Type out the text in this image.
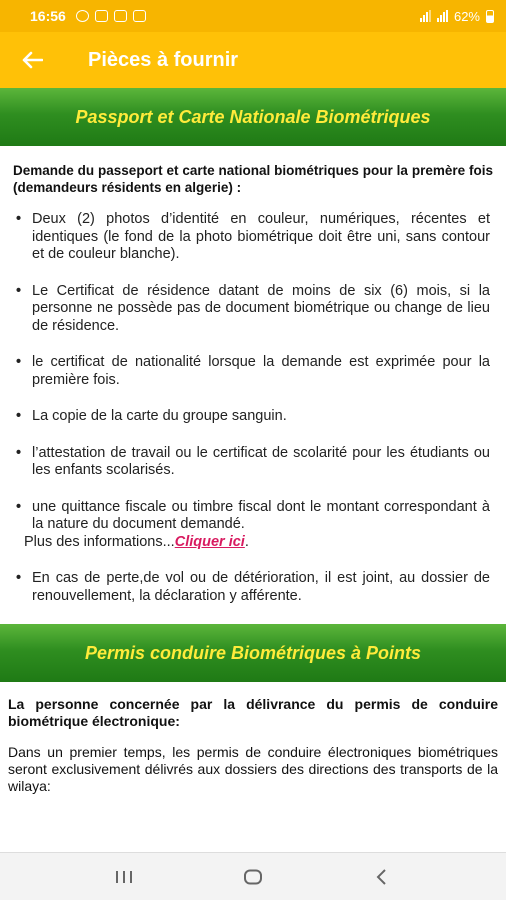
16:56	62%
Pièces à fournir
Passport et Carte Nationale Biométriques
Demande du passeport et carte national biométriques pour la premère fois (demandeurs résidents en algerie) :
• Deux (2) photos d’identité en couleur, numériques, récentes et identiques (le fond de la photo biométrique doit être uni, sans contour et de couleur blanche).
• Le Certificat de résidence datant de moins de six (6) mois, si la personne ne possède pas de document biométrique ou change de lieu de résidence.
• le certificat de nationalité lorsque la demande est exprimée pour la première fois.
• La copie de la carte du groupe sanguin.
• l’attestation de travail ou le certificat de scolarité pour les étudiants ou les enfants scolarisés.
• une quittance fiscale ou timbre fiscal dont le montant correspondant à la nature du document demandé.
Plus des informations...Cliquer ici.
• En cas de perte,de vol ou de détérioration, il est joint, au dossier de renouvellement, la déclaration y afférente.
Permis conduire Biométriques à Points
La personne concernée par la délivrance du permis de conduire biométrique électronique:
Dans un premier temps, les permis de conduire électroniques biométriques seront exclusivement délivrés aux dossiers des directions des transports de la wilaya:
